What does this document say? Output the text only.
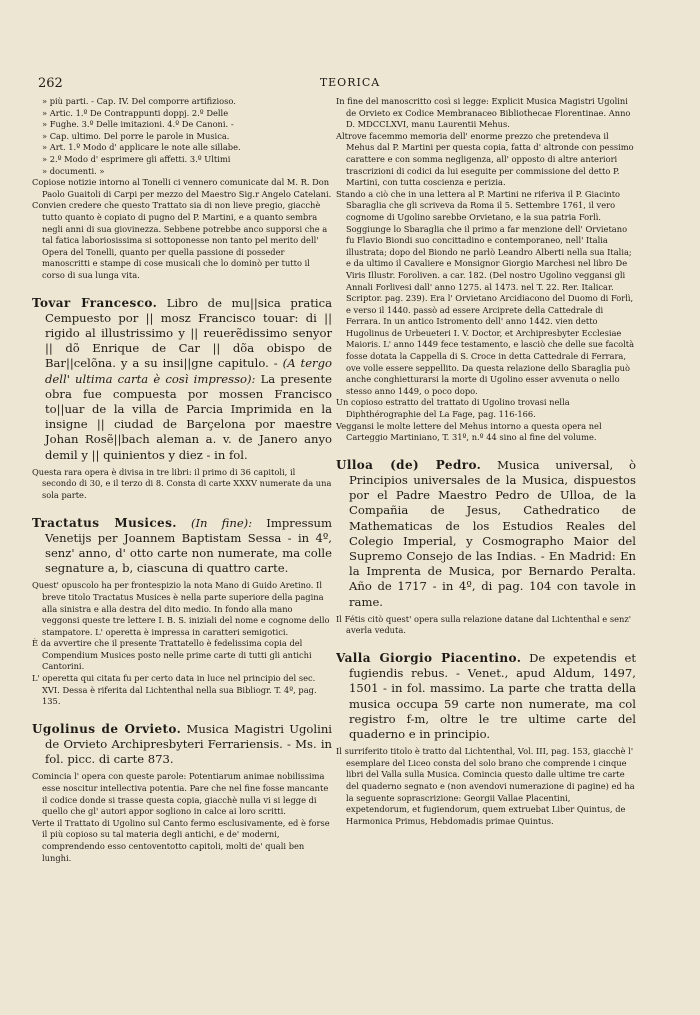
262	TEORICA

» più parti. - Cap. IV. Del comporre artifizioso.

» Artic. 1.º De Contrappunti doppj. 2.º Delle

» Fughe. 3.º Delle imitazioni. 4.º De Canoni. -

» Cap. ultimo. Del porre le parole in Musica.

» Art. 1.º Modo d' applicare le note alle sillabe.

» 2.º Modo d' esprimere gli affetti. 3.º Ultimi

» documenti. »

Copiose notizie intorno al Tonelli ci vennero comunicate dal M. R. Don Paolo Guaitoli di Carpi per mezzo del Maestro Sig.r Angelo Catelani.

Convien credere che questo Trattato sia di non lieve pregio, giacchè tutto quanto è copiato di pugno del P. Martini, e a quanto sembra negli anni di sua giovinezza. Sebbene potrebbe anco supporsi che a tal fatica laboriosissima si sottoponesse non tanto pel merito dell' Opera del Tonelli, quanto per quella passione di posseder manoscritti e stampe di cose musicali che lo dominò per tutto il corso di sua lunga vita.

Tovar Francesco. Libro de mu||sica pratica Cempuesto por || mosz Francisco touar: di || rigido al illustrissimo y || reuerẽdissimo senyor || dõ Enrique de Car || dõa obispo de Bar||celõna. y a su insi||gne capitulo. - (A tergo dell' ultima carta è così impresso): La presente obra fue compuesta por mossen Francisco to||uar de la villa de Parcia Imprimida en la insigne || ciudad de Barçelona por maestre Johan Rosẽ||bach aleman a. v. de Janero anyo demil y || quinientos y diez - in fol.

Questa rara opera è divisa in tre libri: il primo di 36 capitoli, il secondo di 30, e il terzo di 8. Consta di carte XXXV numerate da una sola parte.

Tractatus Musices. (In fine): Impressum Venetijs per Joannem Baptistam Sessa - in 4º, senz' anno, d' otto carte non numerate, ma colle segnature a, b, ciascuna di quattro carte.

Quest' opuscolo ha per frontespizio la nota Mano di Guido Aretino. Il breve titolo Tractatus Musices è nella parte superiore della pagina alla sinistra e alla destra del dito medio. In fondo alla mano veggonsi queste tre lettere I. B. S. iniziali del nome e cognome dello stampatore. L' operetta è impressa in caratteri semigotici.

È da avvertire che il presente Trattatello è fedelissima copia del Compendium Musices posto nelle prime carte di tutti gli antichi Cantorini.

L' operetta qui citata fu per certo data in luce nel principio del sec. XVI. Dessa è riferita dal Lichtenthal nella sua Bibliogr. T. 4º, pag. 135.

Ugolinus de Orvieto. Musica Magistri Ugolini de Orvieto Archipresbyteri Ferrariensis. - Ms. in fol. picc. di carte 873.

Comincia l' opera con queste parole: Potentiarum animae nobilissima esse noscitur intellectiva potentia. Pare che nel fine fosse mancante il codice donde si trasse questa copia, giacchè nulla vi si legge di quello che gl' autori appor sogliono in calce ai loro scritti.

Verte il Trattato di Ugolino sul Canto fermo esclusivamente, ed è forse il più copioso su tal materia degli antichi, e de' moderni, comprendendo esso centoventotto capitoli, molti de' quali ben lunghi.

In fine del manoscritto così si legge: Explicit Musica Magistri Ugolini de Orvieto ex Codice Membranaceo Bibliothecae Florentinae. Anno D. MDCCLXVI, manu Laurentii Mehus.

Altrove facemmo memoria dell' enorme prezzo che pretendeva il Mehus dal P. Martini per questa copia, fatta d' altronde con pessimo carattere e con somma negligenza, all' opposto di altre anteriori trascrizioni di codici da lui eseguite per commissione del detto P. Martini, con tutta coscienza e perizia.

Stando a ciò che in una lettera al P. Martini ne riferiva il P. Giacinto Sbaraglia che gli scriveva da Roma il 5. Settembre 1761, il vero cognome di Ugolino sarebbe Orvietano, e la sua patria Forlì. Soggiunge lo Sbaraglia che il primo a far menzione dell' Orvietano fu Flavio Biondi suo concittadino e contemporaneo, nell' Italia illustrata; dopo del Biondo ne parlò Leandro Alberti nella sua Italia; e da ultimo il Cavaliere e Monsignor Giorgio Marchesi nel libro De Viris Illustr. Foroliven. a car. 182. (Del nostro Ugolino veggansi gli Annali Forlivesi dall' anno 1275. al 1473. nel T. 22. Rer. Italicar. Scriptor. pag. 239). Era l' Orvietano Arcidiacono del Duomo di Forlì, e verso il 1440. passò ad essere Arciprete della Cattedrale di Ferrara. In un antico Istromento dell' anno 1442. vien detto Hugolinus de Urbeueteri I. V. Doctor, et Archipresbyter Ecclesiae Maioris. L' anno 1449 fece testamento, e lasciò che delle sue facoltà fosse dotata la Cappella di S. Croce in detta Cattedrale di Ferrara, ove volle essere seppellito. Da questa relazione dello Sbaraglia può anche conghietturarsi la morte di Ugolino esser avvenuta o nello stesso anno 1449, o poco dopo.

Un copioso estratto del trattato di Ugolino trovasi nella Diphthérographie del La Fage, pag. 116-166.

Veggansi le molte lettere del Mehus intorno a questa opera nel Carteggio Martiniano, T. 31º, n.º 44 sino al fine del volume.

Ulloa (de) Pedro. Musica universal, ò Principios universales de la Musica, dispuestos por el Padre Maestro Pedro de Ulloa, de la Compañia de Jesus, Cathedratico de Mathematicas de los Estudios Reales del Colegio Imperial, y Cosmographo Maior del Supremo Consejo de las Indias. - En Madrid: En la Imprenta de Musica, por Bernardo Peralta. Año de 1717 - in 4º, di pag. 104 con tavole in rame.

Il Fétis citò quest' opera sulla relazione datane dal Lichtenthal e senz' averla veduta.

Valla Giorgio Piacentino. De expetendis et fugiendis rebus. - Venet., apud Aldum, 1497, 1501 - in fol. massimo. La parte che tratta della musica occupa 59 carte non numerate, ma col registro f-m, oltre le tre ultime carte del quaderno e in principio.

Il surriferito titolo è tratto dal Lichtenthal, Vol. III, pag. 153, giacchè l' esemplare del Liceo consta del solo brano che comprende i cinque libri del Valla sulla Musica. Comincia questo dalle ultime tre carte del quaderno segnato e (non avendovi numerazione di pagine) ed ha la seguente soprascrizione: Georgii Vallae Placentini, expetendorum, et fugiendorum, quem extruebat Liber Quintus, de Harmonica Primus, Hebdomadis primae Quintus.
